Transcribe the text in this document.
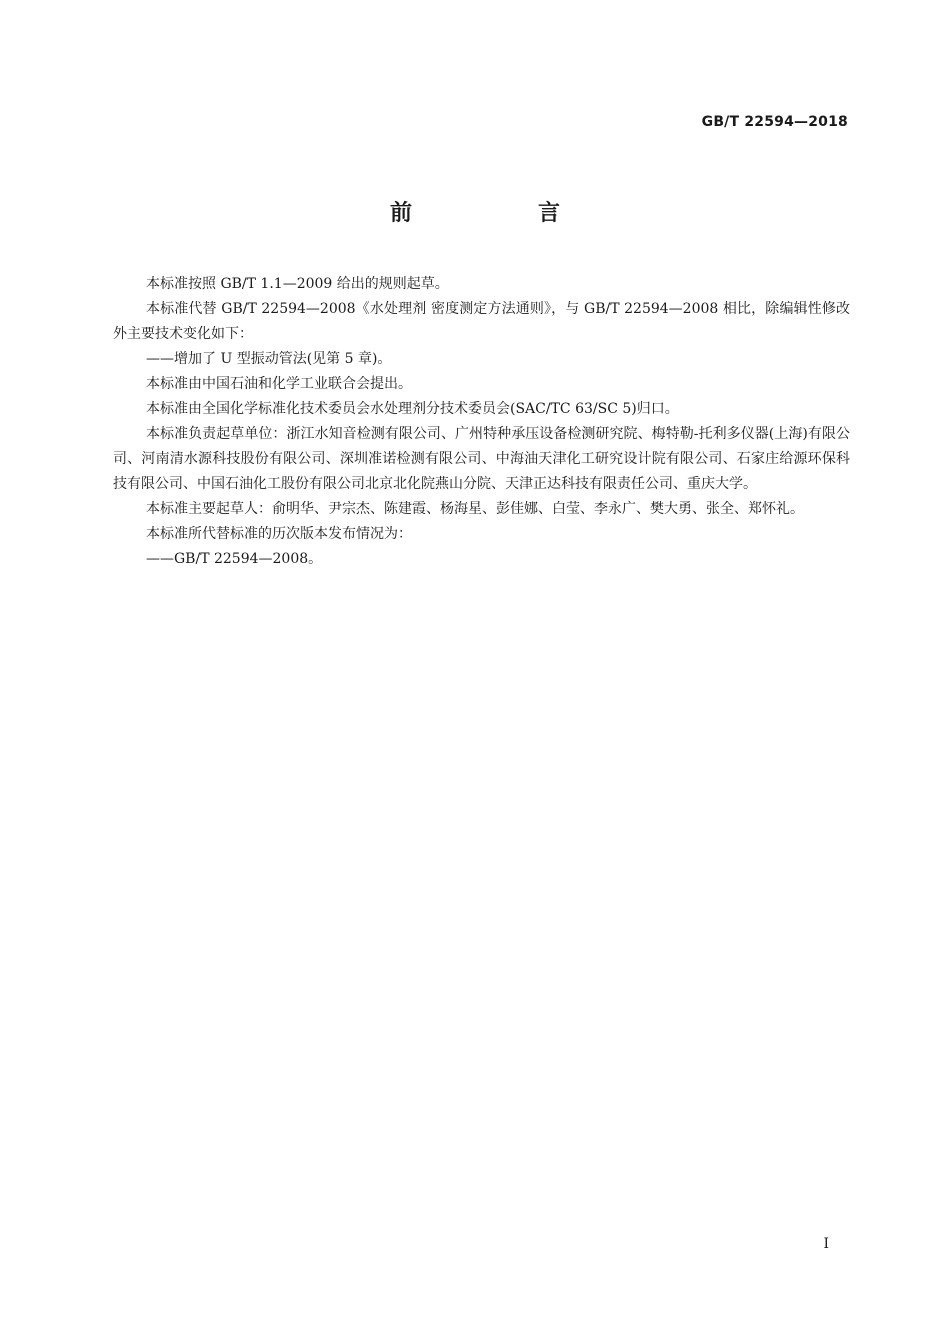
GB/T 22594—2018
前　言

本标准按照 GB/T 1.1—2009 给出的规则起草。

本标准代替 GB/T 22594—2008《水处理剂 密度测定方法通则》，与 GB/T 22594—2008 相比，除编辑性修改外主要技术变化如下：

——增加了 U 型振动管法(见第 5 章)。

本标准由中国石油和化学工业联合会提出。

本标准由全国化学标准化技术委员会水处理剂分技术委员会(SAC/TC 63/SC 5)归口。

本标准负责起草单位：浙江水知音检测有限公司、广州特种承压设备检测研究院、梅特勒-托利多仪器(上海)有限公司、河南清水源科技股份有限公司、深圳准诺检测有限公司、中海油天津化工研究设计院有限公司、石家庄给源环保科技有限公司、中国石油化工股份有限公司北京北化院燕山分院、天津正达科技有限责任公司、重庆大学。

本标准主要起草人：俞明华、尹宗杰、陈建霞、杨海星、彭佳娜、白莹、李永广、樊大勇、张全、郑怀礼。

本标准所代替标准的历次版本发布情况为：

——GB/T 22594—2008。

I
